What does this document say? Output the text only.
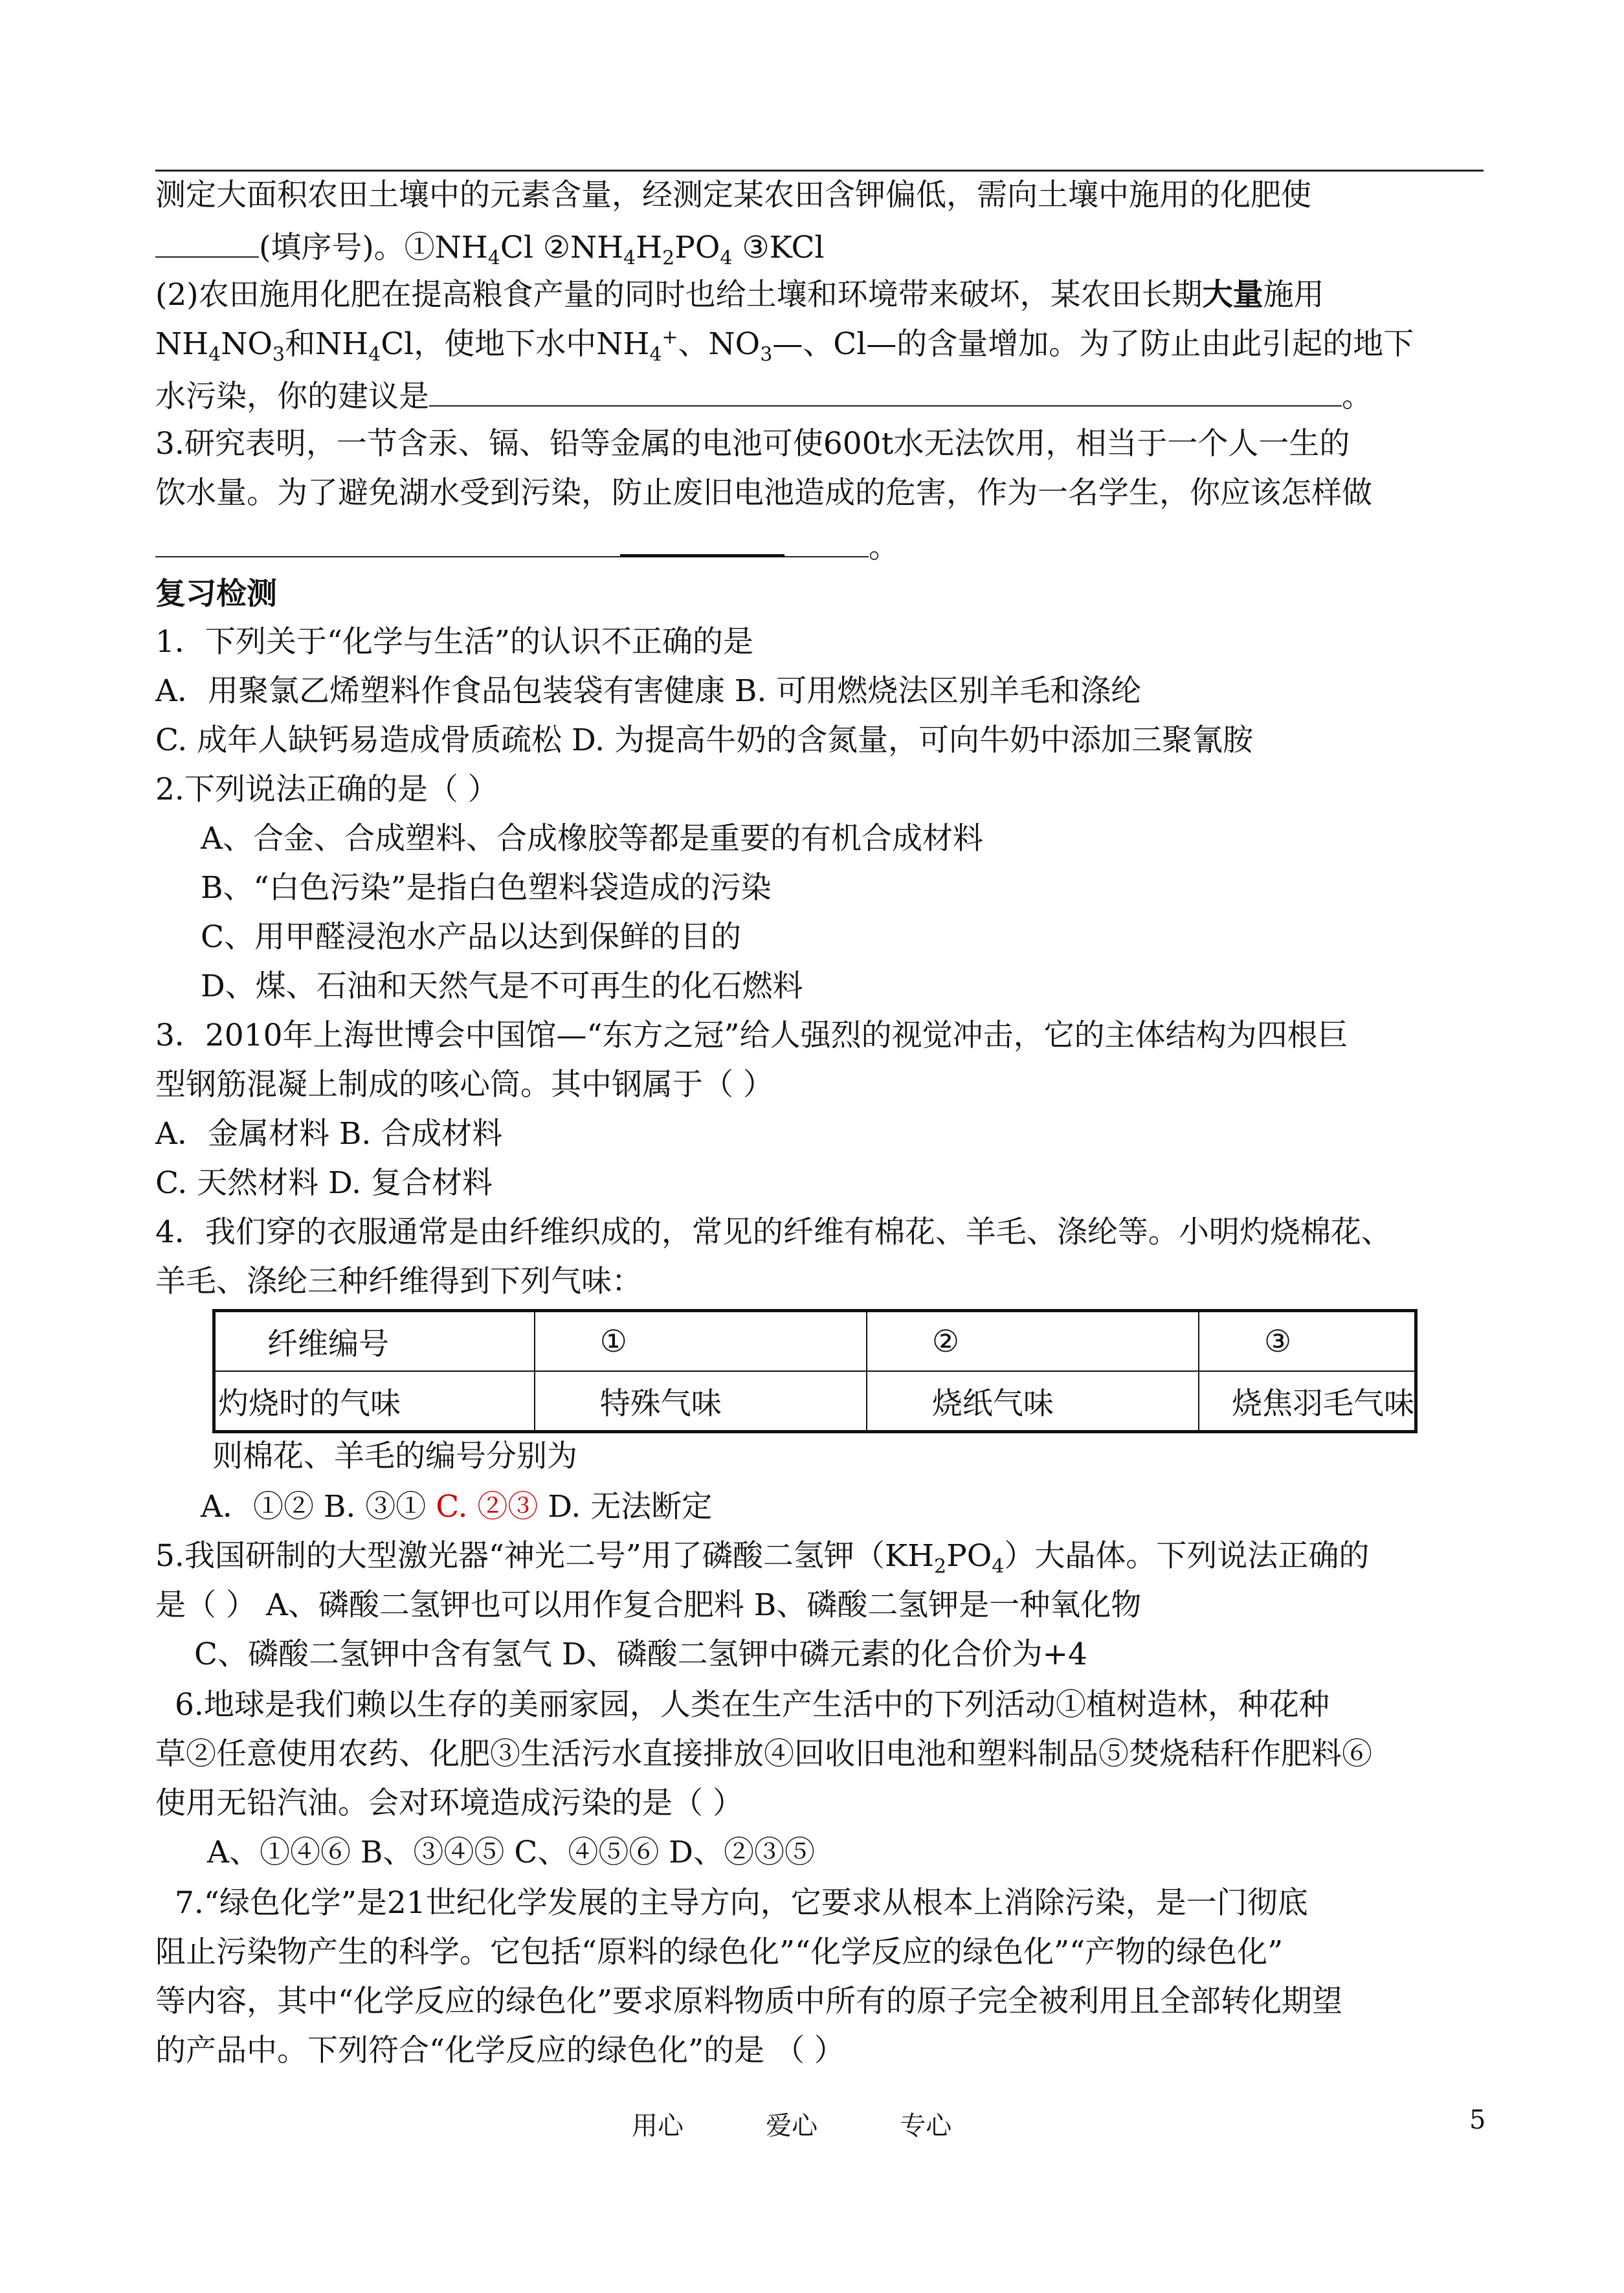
测定大面积农田土壤中的元素含量，经测定某农田含钾偏低，需向土壤中施用的化肥使
(填序号)。$①NH_4Cl$ $②NH_4H_2PO_4$ ③KCl
(2)农田施用化肥在提高粮食产量的同时也给土壤和环境带来破坏，某农田长期大量施用
$NH_4NO_3$和$NH_4Cl$，使地下水中$NH_4^+$、$NO_3—$、Cl—的含量增加。为了防止由此引起的地下
水污染，你的建议是	。
3.研究表明，一节含汞、镉、铅等金属的电池可使600t水无法饮用，相当于一个人一生的
饮水量。为了避免湖水受到污染，防止废旧电池造成的危害，作为一名学生，你应该怎样做
。
复习检测
1．下列关于“化学与生活”的认识不正确的是
A．用聚氯乙烯塑料作食品包装袋有害健康 B. 可用燃烧法区别羊毛和涤纶
C. 成年人缺钙易造成骨质疏松 D. 为提高牛奶的含氮量，可向牛奶中添加三聚氰胺
2.下列说法正确的是（ ）
A、合金、合成塑料、合成橡胶等都是重要的有机合成材料
B、“白色污染”是指白色塑料袋造成的污染
C、用甲醛浸泡水产品以达到保鲜的目的
D、煤、石油和天然气是不可再生的化石燃料
3．2010年上海世博会中国馆—“东方之冠”给人强烈的视觉冲击，它的主体结构为四根巨
型钢筋混凝上制成的咳心筒。其中钢属于（ ）
A．金属材料 B. 合成材料
C. 天然材料 D. 复合材料
4．我们穿的衣服通常是由纤维织成的，常见的纤维有棉花、羊毛、涤纶等。小明灼烧棉花、
羊毛、涤纶三种纤维得到下列气味：
纤维编号	①	②	③
灼烧时的气味	特殊气味	烧纸气味	烧焦羽毛气味
则棉花、羊毛的编号分别为
A．①② B. ③① C. ②③ D. 无法断定
5.我国研制的大型激光器“神光二号”用了磷酸二氢钾$(KH_2PO_4)$大晶体。下列说法正确的
是（ ） A、磷酸二氢钾也可以用作复合肥料 B、磷酸二氢钾是一种氧化物
C、磷酸二氢钾中含有氢气 D、磷酸二氢钾中磷元素的化合价为+4
6.地球是我们赖以生存的美丽家园，人类在生产生活中的下列活动①植树造林，种花种
草②任意使用农药、化肥③生活污水直接排放④回收旧电池和塑料制品⑤焚烧秸秆作肥料⑥
使用无铅汽油。会对环境造成污染的是（ ）
A、①④⑥ B、③④⑤ C、④⑤⑥ D、②③⑤
7.“绿色化学”是21世纪化学发展的主导方向，它要求从根本上消除污染，是一门彻底
阻止污染物产生的科学。它包括“原料的绿色化”“化学反应的绿色化”“产物的绿色化”
等内容，其中“化学反应的绿色化”要求原料物质中所有的原子完全被利用且全部转化期望
的产品中。下列符合“化学反应的绿色化”的是 （ ）
用心          爱心          专心	5
